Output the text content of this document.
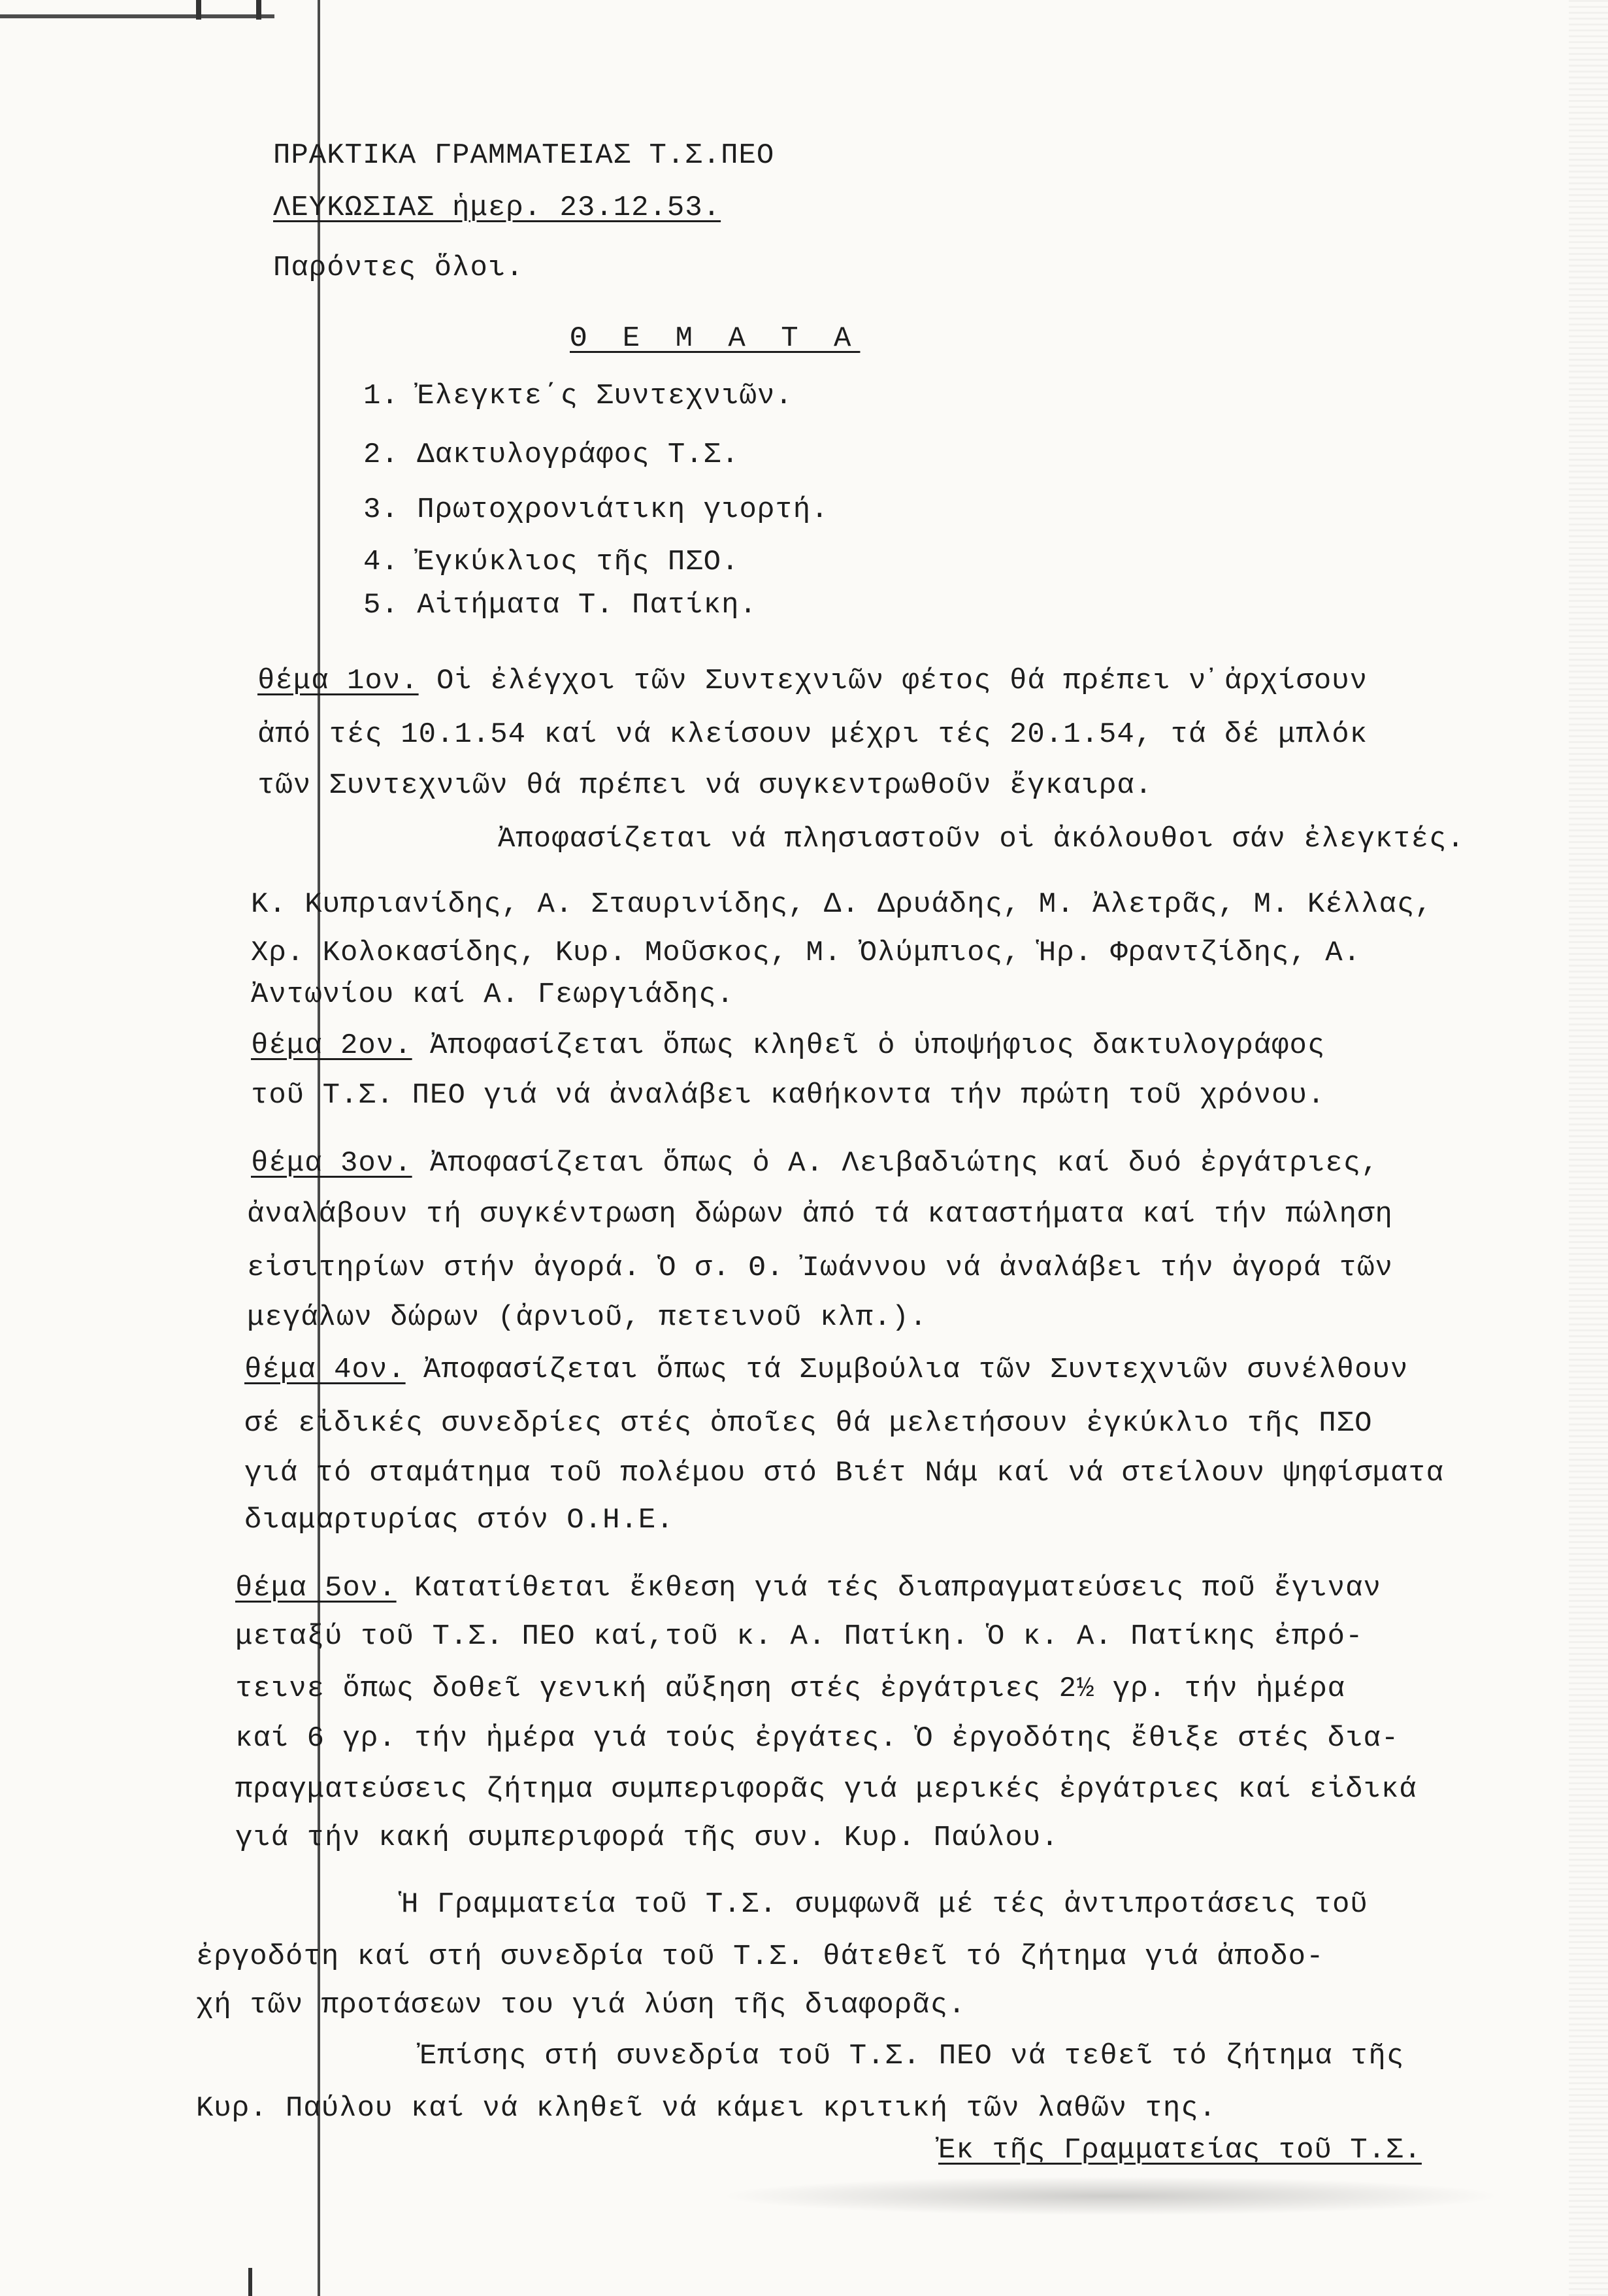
ΠΡΑΚΤΙΚΑ ΓΡΑΜΜΑΤΕΙΑΣ Τ.Σ.ΠΕΟ
ΛΕΥΚΩΣΙΑΣ ἡμερ. 23.12.53.
Παρόντες ὅλοι.
Θ Ε Μ Α Τ Α
1. Ἐλεγκτε΄ς Συντεχνιῶν.
2. Δακτυλογράφος Τ.Σ.
3. Πρωτοχρονιάτικη γιορτή.
4. Ἐγκύκλιος τῆς ΠΣΟ.
5. Αἰτήματα Τ. Πατίκη.
θέμα 1ον. Οἱ ἐλέγχοι τῶν Συντεχνιῶν φέτος θά πρέπει ν᾽ἀρχίσουν
ἀπό τές 10.1.54 καί νά κλείσουν μέχρι τές 20.1.54, τά δέ μπλόκ
τῶν Συντεχνιῶν θά πρέπει νά συγκεντρωθοῦν ἔγκαιρα.
Ἀποφασίζεται νά πλησιαστοῦν οἱ ἀκόλουθοι σάν ἐλεγκτές.
Κ. Κυπριανίδης, Α. Σταυρινίδης, Δ. Δρυάδης, Μ. Ἀλετρᾶς, Μ. Κέλλας,
Χρ. Κολοκασίδης, Κυρ. Μοῦσκος, Μ. Ὀλύμπιος, Ἡρ. Φραντζίδης, Α.
Ἀντωνίου καί Α. Γεωργιάδης.
θέμα 2ον. Ἀποφασίζεται ὅπως κληθεῖ ὁ ὑποψήφιος δακτυλογράφος
τοῦ Τ.Σ. ΠΕΟ γιά νά ἀναλάβει καθήκοντα τήν πρώτη τοῦ χρόνου.
θέμα 3ον. Ἀποφασίζεται ὅπως ὁ Α. Λειβαδιώτης καί δυό ἐργάτριες,
ἀναλάβουν τή συγκέντρωση δώρων ἀπό τά καταστήματα καί τήν πώληση
εἰσιτηρίων στήν ἀγορά. Ὁ σ. Θ. Ἰωάννου νά ἀναλάβει τήν ἀγορά τῶν
μεγάλων δώρων (ἀρνιοῦ, πετεινοῦ κλπ.).
θέμα 4ον. Ἀποφασίζεται ὅπως τά Συμβούλια τῶν Συντεχνιῶν συνέλθουν
σέ εἰδικές συνεδρίες στές ὁποῖες θά μελετήσουν ἐγκύκλιο τῆς ΠΣΟ
γιά τό σταμάτημα τοῦ πολέμου στό Βιέτ Νάμ καί νά στείλουν ψηφίσματα
διαμαρτυρίας στόν Ο.Η.Ε.
θέμα 5ον. Κατατίθεται ἔκθεση γιά τές διαπραγματεύσεις ποῦ ἔγιναν
μεταξύ τοῦ Τ.Σ. ΠΕΟ καί,τοῦ κ. Α. Πατίκη. Ὁ κ. Α. Πατίκης ἐπρό-
τεινε ὅπως δοθεῖ γενική αὔξηση στές ἐργάτριες 2½ γρ. τήν ἡμέρα
καί 6 γρ. τήν ἡμέρα γιά τούς ἐργάτες. Ὁ ἐργοδότης ἔθιξε στές δια-
πραγματεύσεις ζήτημα συμπεριφορᾶς γιά μερικές ἐργάτριες καί εἰδικά
γιά τήν κακή συμπεριφορά τῆς συν. Κυρ. Παύλου.
Ἡ Γραμματεία τοῦ Τ.Σ. συμφωνᾶ μέ τές ἀντιπροτάσεις τοῦ
ἐργοδότη καί στή συνεδρία τοῦ Τ.Σ. θάτεθεῖ τό ζήτημα γιά ἀποδο-
χή τῶν προτάσεων του γιά λύση τῆς διαφορᾶς.
Ἐπίσης στή συνεδρία τοῦ Τ.Σ. ΠΕΟ νά τεθεῖ τό ζήτημα τῆς
Κυρ. Παύλου καί νά κληθεῖ νά κάμει κριτική τῶν λαθῶν της.
Ἐκ τῆς Γραμματείας τοῦ Τ.Σ.
